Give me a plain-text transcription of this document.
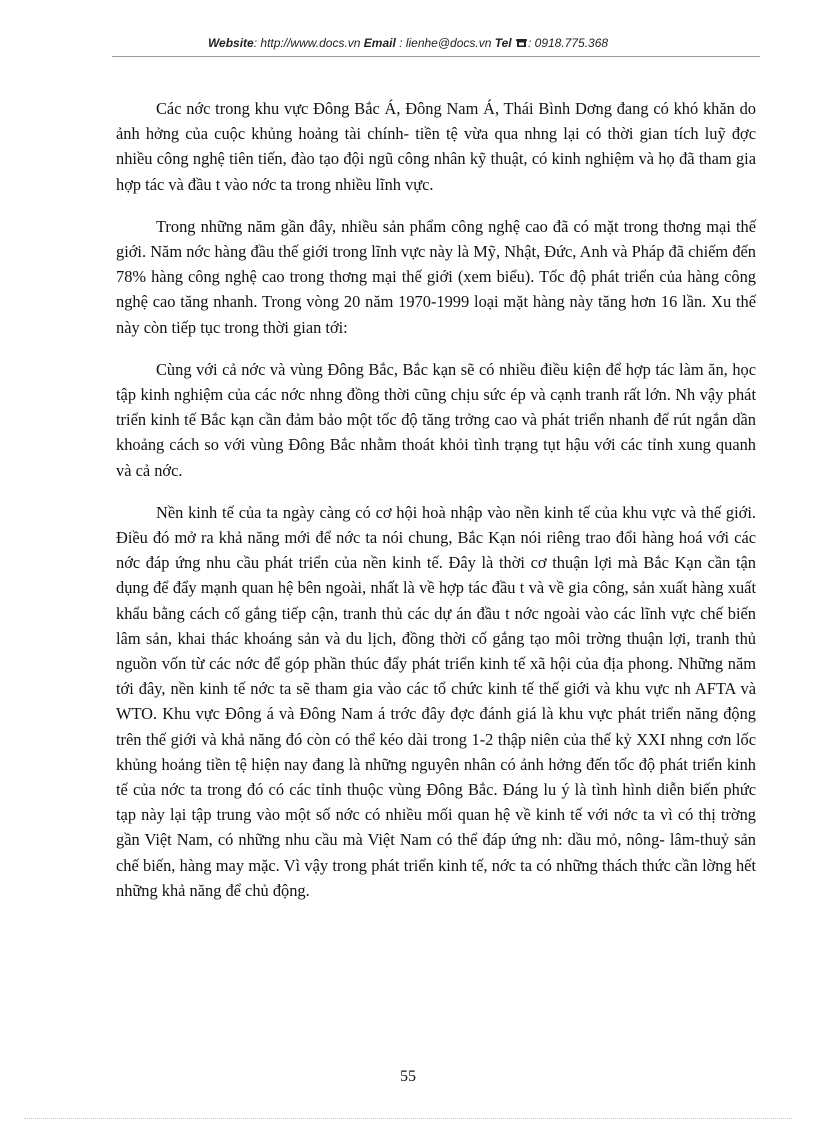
Website: http://www.docs.vn Email : lienhe@docs.vn Tel : 0918.775.368

Các nớc trong khu vực Đông Bắc Á, Đông Nam Á, Thái Bình Dơng đang có khó khăn do ảnh hởng của cuộc khủng hoảng tài chính- tiền tệ vừa qua nhng lại có thời gian tích luỹ đợc nhiều công nghệ tiên tiến, đào tạo đội ngũ công nhân kỹ thuật, có kinh nghiệm và họ đã tham gia hợp tác và đầu t vào nớc ta trong nhiều lĩnh vực.

Trong những năm gần đây, nhiều sản phẩm công nghệ cao đã có mặt trong thơng mại thế giới. Năm nớc hàng đầu thế giới trong lĩnh vực này là Mỹ, Nhật, Đức, Anh và Pháp đã chiếm đến 78% hàng công nghệ cao trong thơng mại thế giới (xem biểu). Tốc độ phát triển của hàng công nghệ cao tăng nhanh. Trong vòng 20 năm 1970-1999 loại mặt hàng này tăng hơn 16 lần. Xu thế này còn tiếp tục trong thời gian tới:

Cùng với cả nớc và vùng Đông Bắc, Bắc kạn sẽ có nhiều điều kiện để hợp tác làm ăn, học tập kinh nghiệm của các nớc nhng đồng thời cũng chịu sức ép và cạnh tranh rất lớn. Nh vậy phát triển kinh tế Bắc kạn cần đảm bảo một tốc độ tăng trởng cao và phát triển nhanh để rút ngắn dần khoảng cách so với vùng Đông Bắc nhằm thoát khỏi tình trạng tụt hậu với các tỉnh xung quanh và cả nớc.

Nền kinh tế của ta ngày càng có cơ hội hoà nhập vào nền kinh tế của khu vực và thế giới. Điều đó mở ra khả năng mới để nớc ta nói chung, Bắc Kạn nói riêng trao đổi hàng hoá với các nớc đáp ứng nhu cầu phát triển của nền kinh tế. Đây là thời cơ thuận lợi mà Bắc Kạn cần tận dụng để đẩy mạnh quan hệ bên ngoài, nhất là về hợp tác đầu t và về gia công, sản xuất hàng xuất khẩu bằng cách cố gắng tiếp cận, tranh thủ các dự án đầu t nớc ngoài vào các lĩnh vực chế biến lâm sản, khai thác khoáng sản và du lịch, đồng thời cố gắng tạo môi trờng thuận lợi, tranh thủ nguồn vốn từ các nớc để góp phần thúc đẩy phát triển kinh tế xã hội của địa phong. Những năm tới đây, nền kinh tế nớc ta sẽ tham gia vào các tổ chức kinh tế thế giới và khu vực nh AFTA và WTO. Khu vực Đông á và Đông Nam á trớc đây đợc đánh giá là khu vực phát triển năng động trên thế giới và khả năng đó còn có thể kéo dài trong 1-2 thập niên của thế kỷ XXI nhng cơn lốc khủng hoảng tiền tệ hiện nay đang là những nguyên nhân có ảnh hởng đến tốc độ phát triển kinh tế của nớc ta trong đó có các tỉnh thuộc vùng Đông Bắc. Đáng lu ý là tình hình diễn biến phức tạp này lại tập trung vào một số nớc có nhiều mối quan hệ về kinh tế với nớc ta vì có thị trờng gần Việt Nam, có những nhu cầu mà Việt Nam có thể đáp ứng nh: dầu mỏ, nông- lâm-thuỷ sản chế biến, hàng may mặc. Vì vậy trong phát triển kinh tế, nớc ta có những thách thức cần lờng hết những khả năng để chủ động.

55
